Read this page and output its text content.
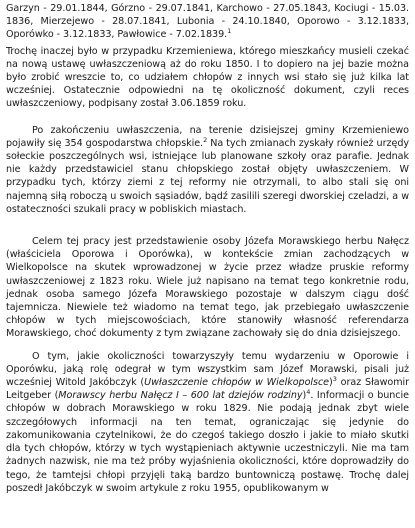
Garzyn - 29.01.1844, Górzno - 29.07.1841, Karchowo - 27.05.1843, Kociugi - 15.03. 1836, Mierzejewo - 28.07.1841, Lubonia - 24.10.1840, Oporowo - 3.12.1833, Oporówko - 3.12.1833, Pawłowice - 7.02.1839.$^1$

Trochę inaczej było w przypadku Krzemieniewa, którego mieszkańcy musieli czekać na nową ustawę uwłaszczeniową aż do roku 1850. I to dopiero na jej bazie można było zrobić wreszcie to, co udziałem chłopów z innych wsi stało się już kilka lat wcześniej. Ostatecznie odpowiedni na tę okoliczność dokument, czyli reces uwłaszczeniowy, podpisany został 3.06.1859 roku.

Po zakończeniu uwłaszczenia, na terenie dzisiejszej gminy Krzemieniewo pojawiły się 354 gospodarstwa chłopskie.$^2$ Na tych zmianach zyskały również urzędy sołeckie poszczególnych wsi, istniejące lub planowane szkoły oraz parafie. Jednak nie każdy przedstawiciel stanu chłopskiego został objęty uwłaszczeniem. W przypadku tych, którzy ziemi z tej reformy nie otrzymali, to albo stali się oni najemną siłą roboczą u swoich sąsiadów, bądź zasilili szeregi dworskiej czeladzi, a w ostateczności szukali pracy w pobliskich miastach.

Celem tej pracy jest przedstawienie osoby Józefa Morawskiego herbu Nałęcz (właściciela Oporowa i Oporówka), w kontekście zmian zachodzących w Wielkopolsce na skutek wprowadzonej w życie przez władze pruskie reformy uwłaszczeniowej z 1823 roku. Wiele już napisano na temat tego konkretnie rodu, jednak osoba samego Józefa Morawskiego pozostaje w dalszym ciągu dość tajemnicza. Niewiele też wiadomo na temat tego, jak przebiegało uwłaszczenie chłopów w tych miejscowościach, które stanowiły własność referendarza Morawskiego, choć dokumenty z tym związane zachowały się do dnia dzisiejszego.

O tym, jakie okoliczności towarzyszyły temu wydarzeniu w Oporowie i Oporówku, jaką rolę odegrał w tym wszystkim sam Józef Morawski, pisali już wcześniej Witold Jakóbczyk (Uwłaszczenie chłopów w Wielkopolsce)$^3$ oraz Sławomir Leitgeber (Morawscy herbu Nałęcz I – 600 lat dziejów rodziny)$^4$. Informacji o buncie chłopów w dobrach Morawskiego w roku 1829. Nie podają jednak zbyt wiele szczegółowych informacji na ten temat, ograniczając się jedynie do zakomunikowania czytelnikowi, że do czegoś takiego doszło i jakie to miało skutki dla tych chłopów, którzy w tych wystąpieniach aktywnie uczestniczyli. Nie ma tam żadnych nazwisk, nie ma też próby wyjaśnienia okoliczności, które doprowadziły do tego, że tamtejsi chłopi przyjęli taką bardzo buntowniczą postawę. Trochę dalej poszedł Jakóbczyk w swoim artykule z roku 1955, opublikowanym w
